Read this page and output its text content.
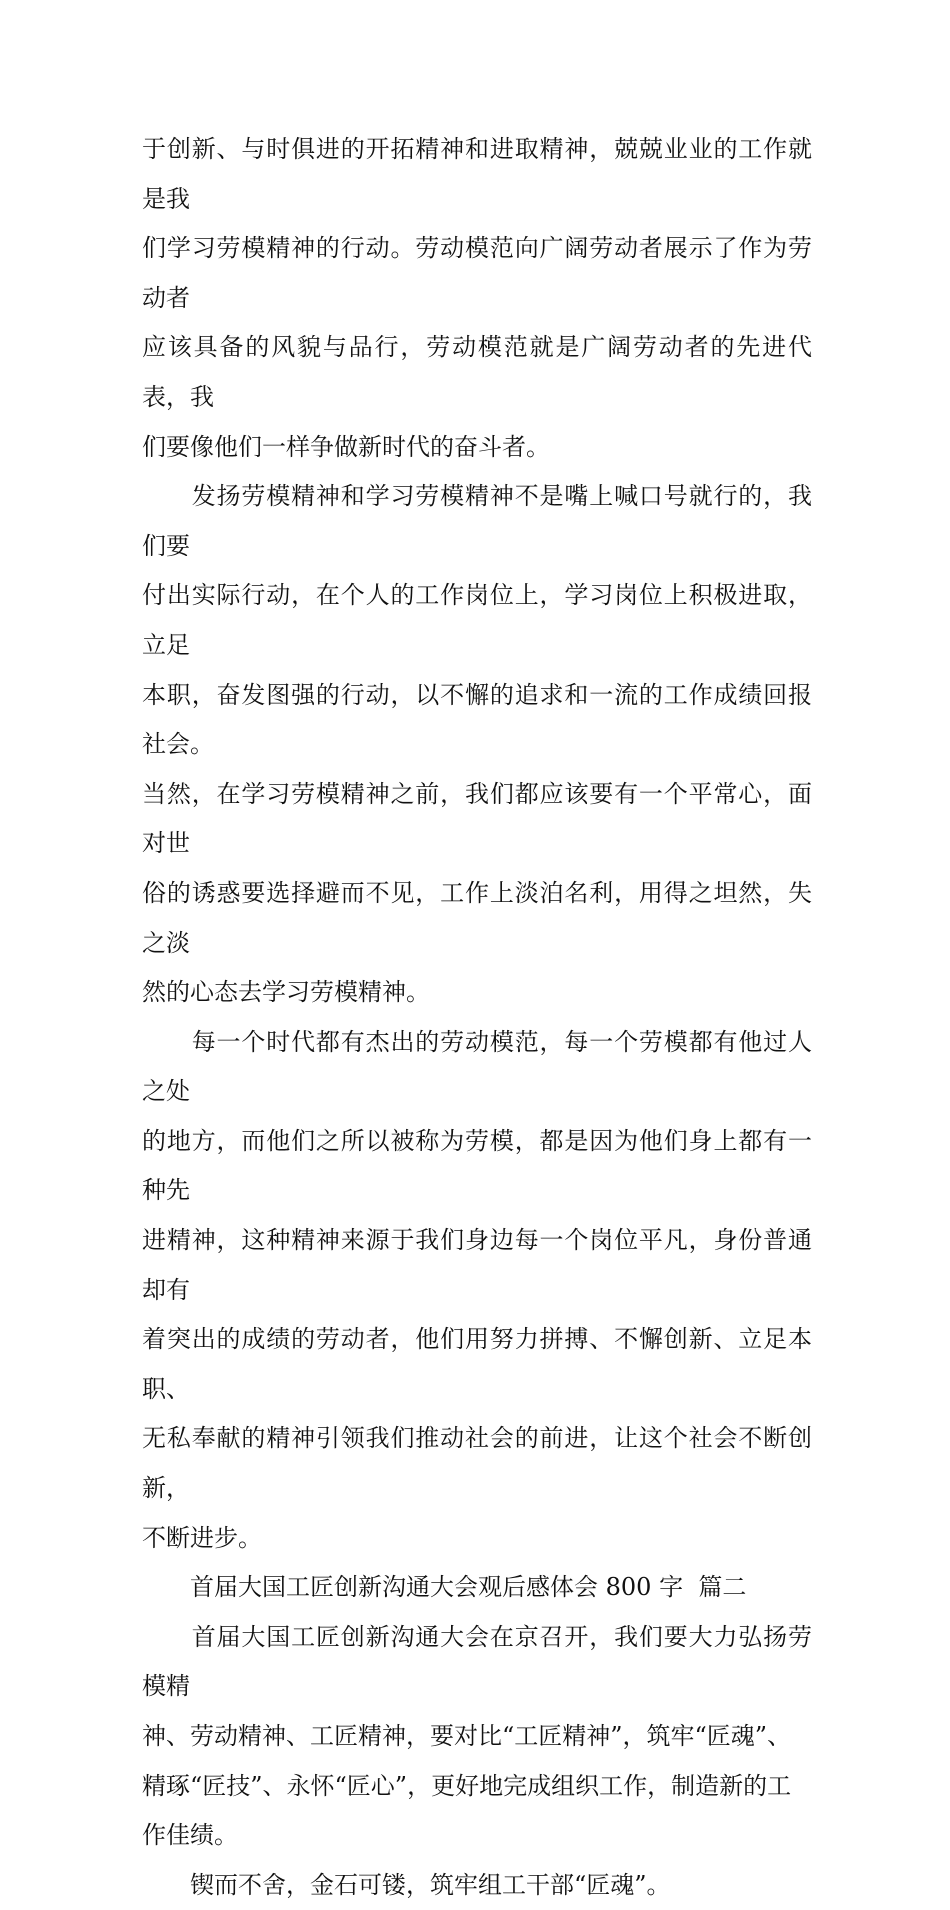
于创新、与时俱进的开拓精神和进取精神，兢兢业业的工作就是我
们学习劳模精神的行动。劳动模范向广阔劳动者展示了作为劳动者
应该具备的风貌与品行，劳动模范就是广阔劳动者的先进代表，我
们要像他们一样争做新时代的奋斗者。

　　发扬劳模精神和学习劳模精神不是嘴上喊口号就行的，我们要
付出实际行动，在个人的工作岗位上，学习岗位上积极进取，立足
本职，奋发图强的行动，以不懈的追求和一流的工作成绩回报社会。
当然，在学习劳模精神之前，我们都应该要有一个平常心，面对世
俗的诱惑要选择避而不见，工作上淡泊名利，用得之坦然，失之淡
然的心态去学习劳模精神。

　　每一个时代都有杰出的劳动模范，每一个劳模都有他过人之处
的地方，而他们之所以被称为劳模，都是因为他们身上都有一种先
进精神，这种精神来源于我们身边每一个岗位平凡，身份普通却有
着突出的成绩的劳动者，他们用努力拼搏、不懈创新、立足本职、
无私奉献的精神引领我们推动社会的前进，让这个社会不断创新，
不断进步。

　　首届大国工匠创新沟通大会观后感体会 800 字  篇二

　　首届大国工匠创新沟通大会在京召开，我们要大力弘扬劳模精
神、劳动精神、工匠精神，要对比“工匠精神”，筑牢“匠魂”、
精琢“匠技”、永怀“匠心”，更好地完成组织工作，制造新的工
作佳绩。

　　锲而不舍，金石可镂，筑牢组工干部“匠魂”。
